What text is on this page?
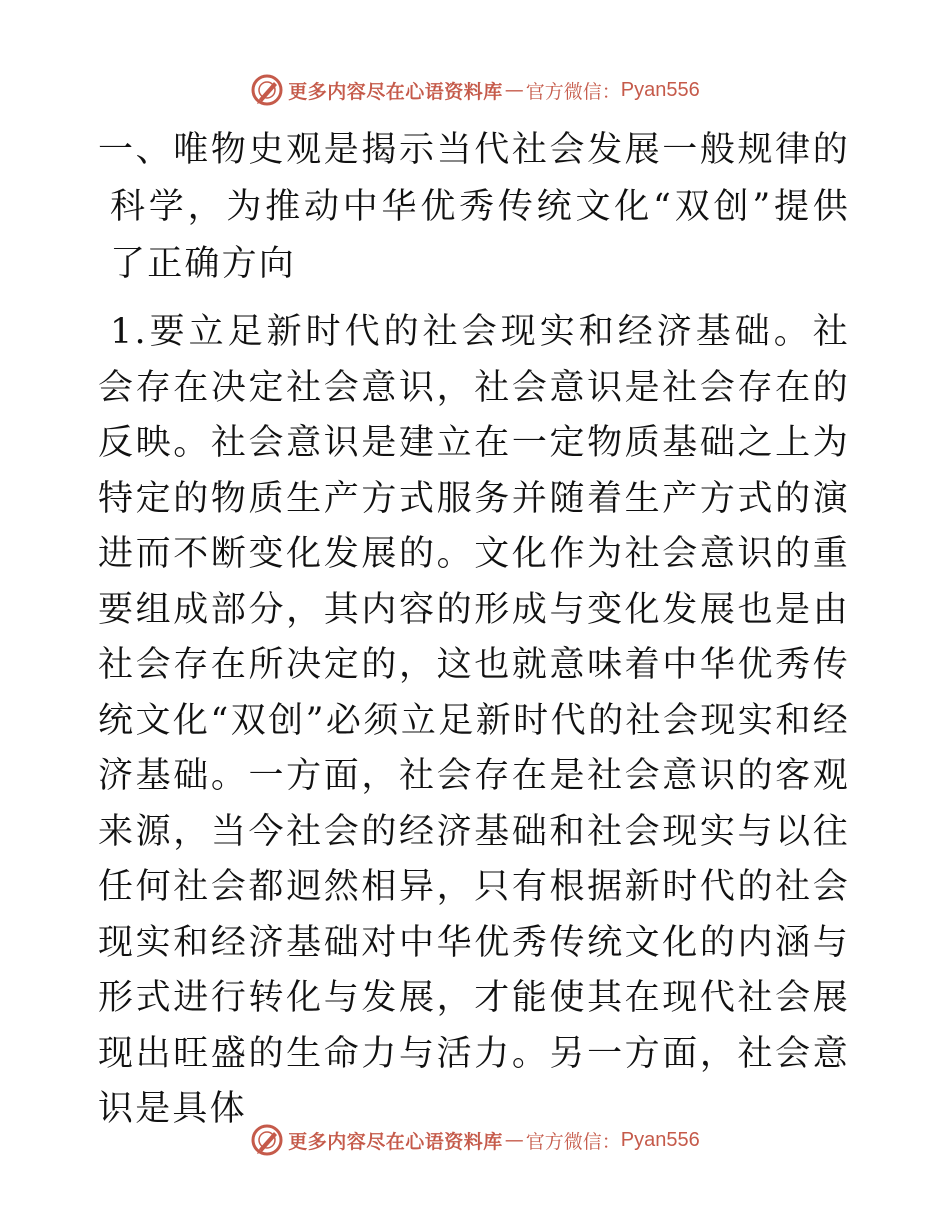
更多内容尽在心语资料库 — 官方微信： Pyan556
一、唯物史观是揭示当代社会发展一般规律的科学，为推动中华优秀传统文化“双创”提供了正确方向

1.要立足新时代的社会现实和经济基础。社会存在决定社会意识，社会意识是社会存在的反映。社会意识是建立在一定物质基础之上为特定的物质生产方式服务并随着生产方式的演进而不断变化发展的。文化作为社会意识的重要组成部分，其内容的形成与变化发展也是由社会存在所决定的，这也就意味着中华优秀传统文化“双创”必须立足新时代的社会现实和经济基础。一方面，社会存在是社会意识的客观来源，当今社会的经济基础和社会现实与以往任何社会都迥然相异，只有根据新时代的社会现实和经济基础对中华优秀传统文化的内涵与形式进行转化与发展，才能使其在现代社会展现出旺盛的生命力与活力。另一方面，社会意识是具体

更多内容尽在心语资料库 — 官方微信： Pyan556
